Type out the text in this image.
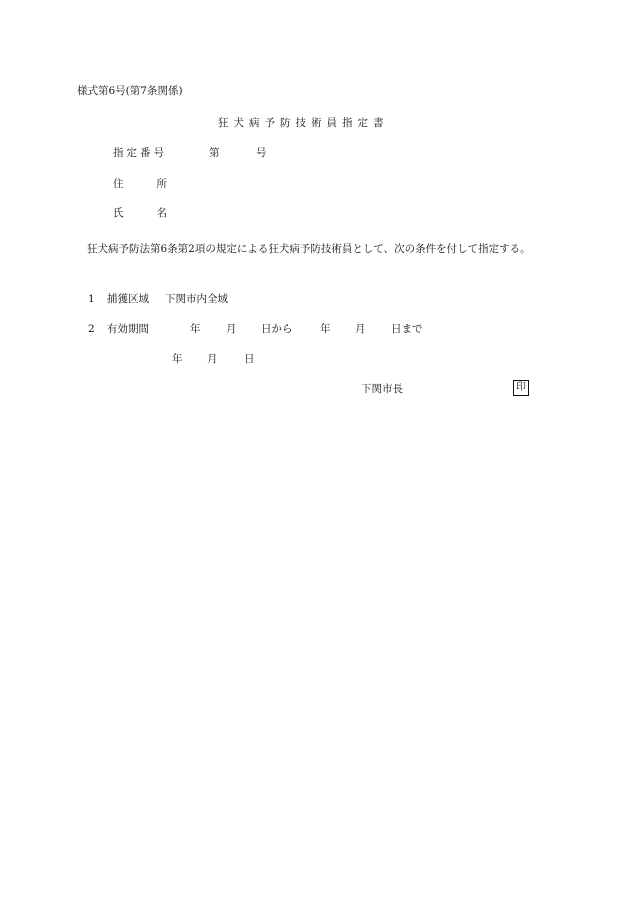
様式第6号(第7条関係)
狂犬病予防技術員指定書
指定番号	第	号
住所
氏名
狂犬病予防法第6条第2項の規定による狂犬病予防技術員として、次の条件を付して指定する。
1 捕獲区域 下関市内全域
2 有効期間	年 月 日から	年 月 日まで
年 月	日
下関市長	印
